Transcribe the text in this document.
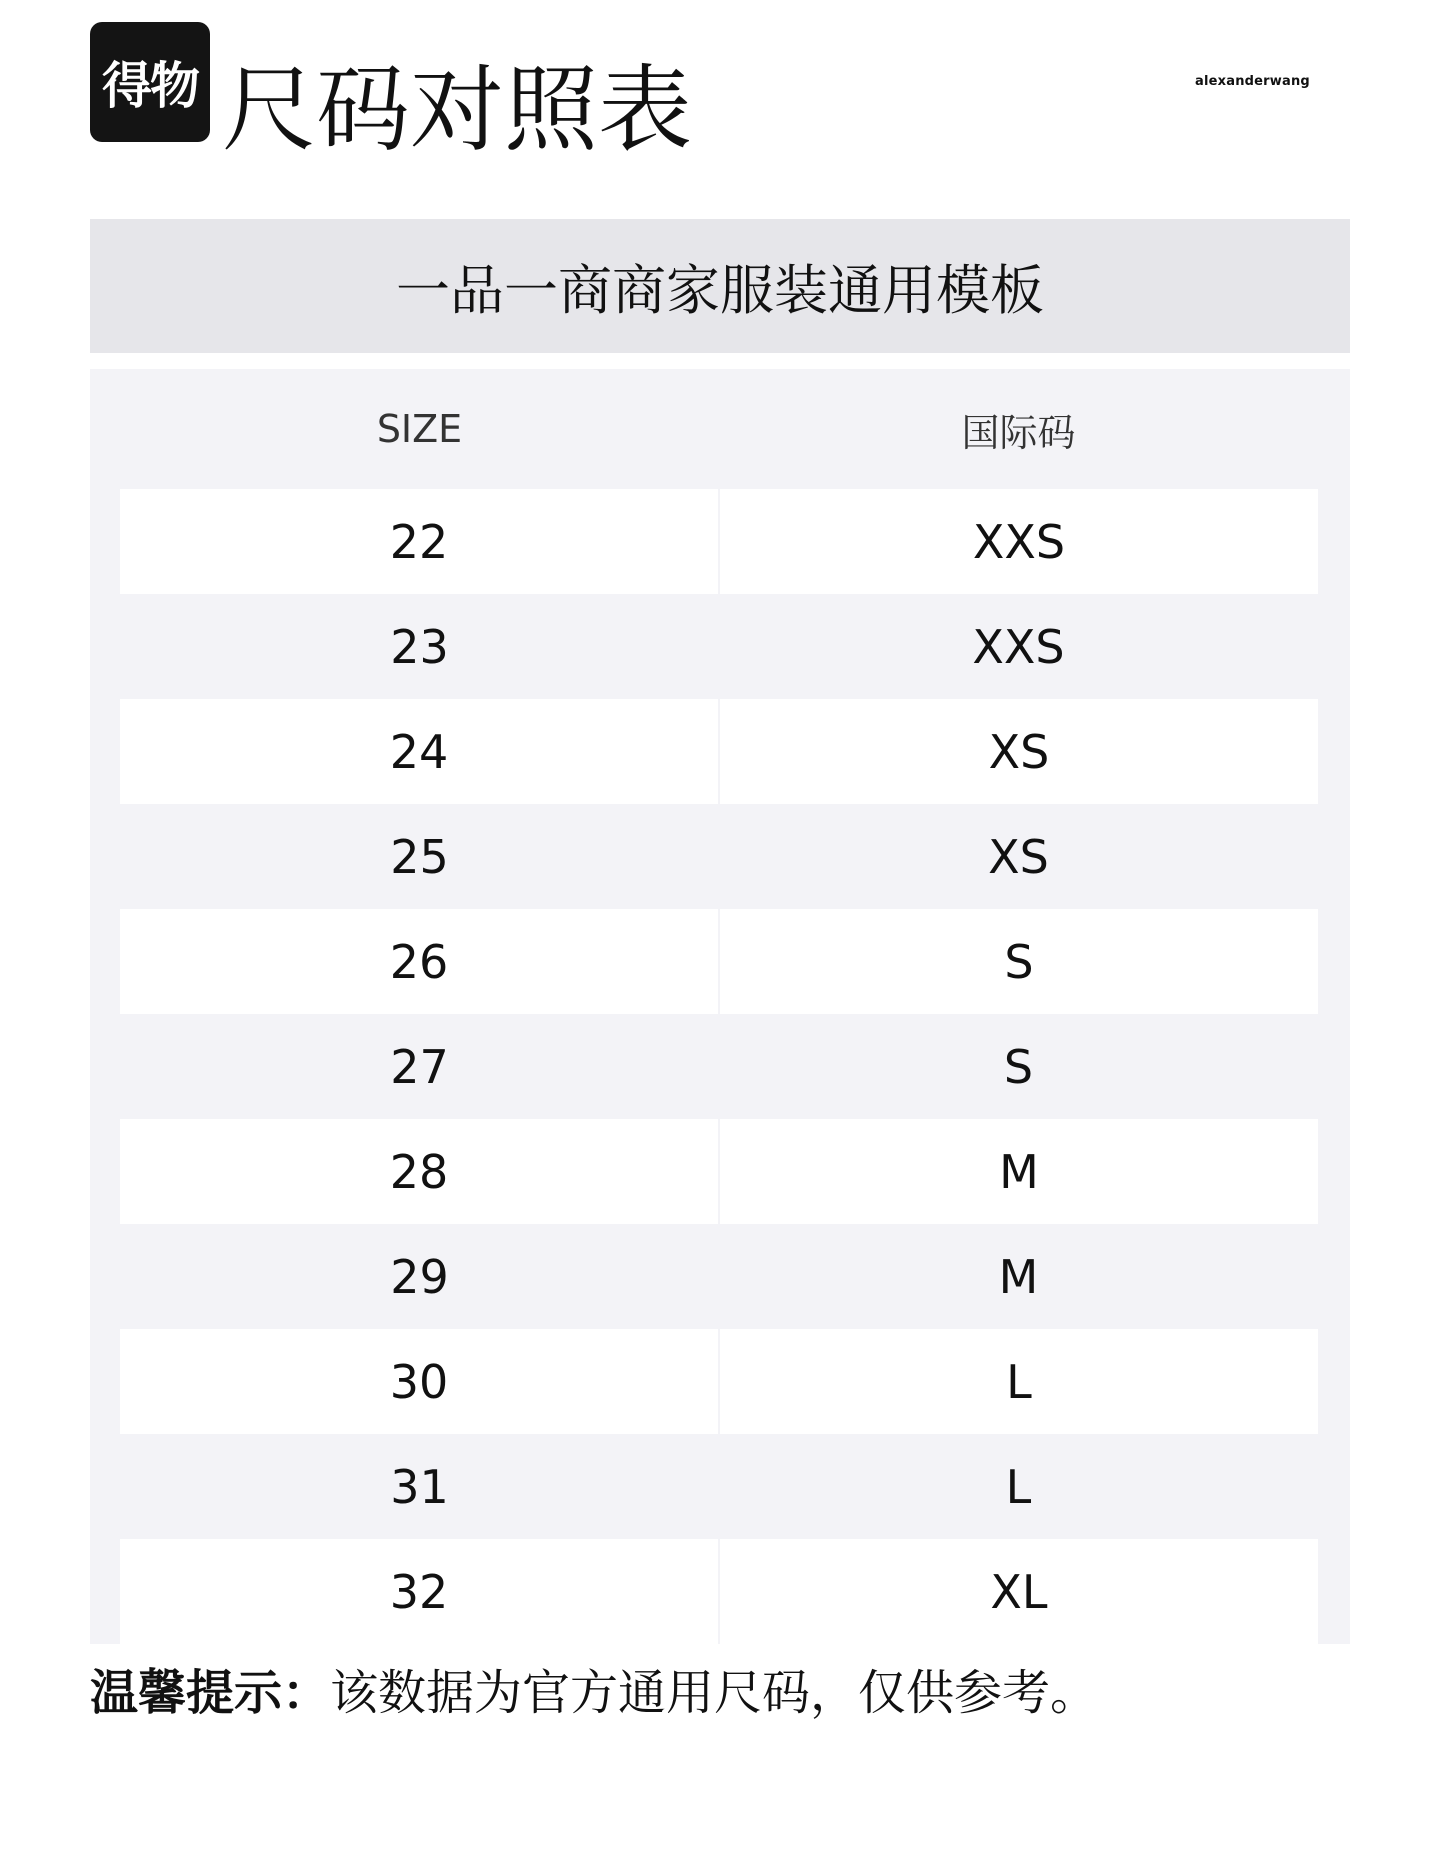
得物 尺码对照表	alexanderwang
一品一商商家服装通用模板
SIZE	国际码
22	XXS
23	XXS
24	XS
25	XS
26	S
27	S
28	M
29	M
30	L
31	L
32	XL
温馨提示：该数据为官方通用尺码，仅供参考。
